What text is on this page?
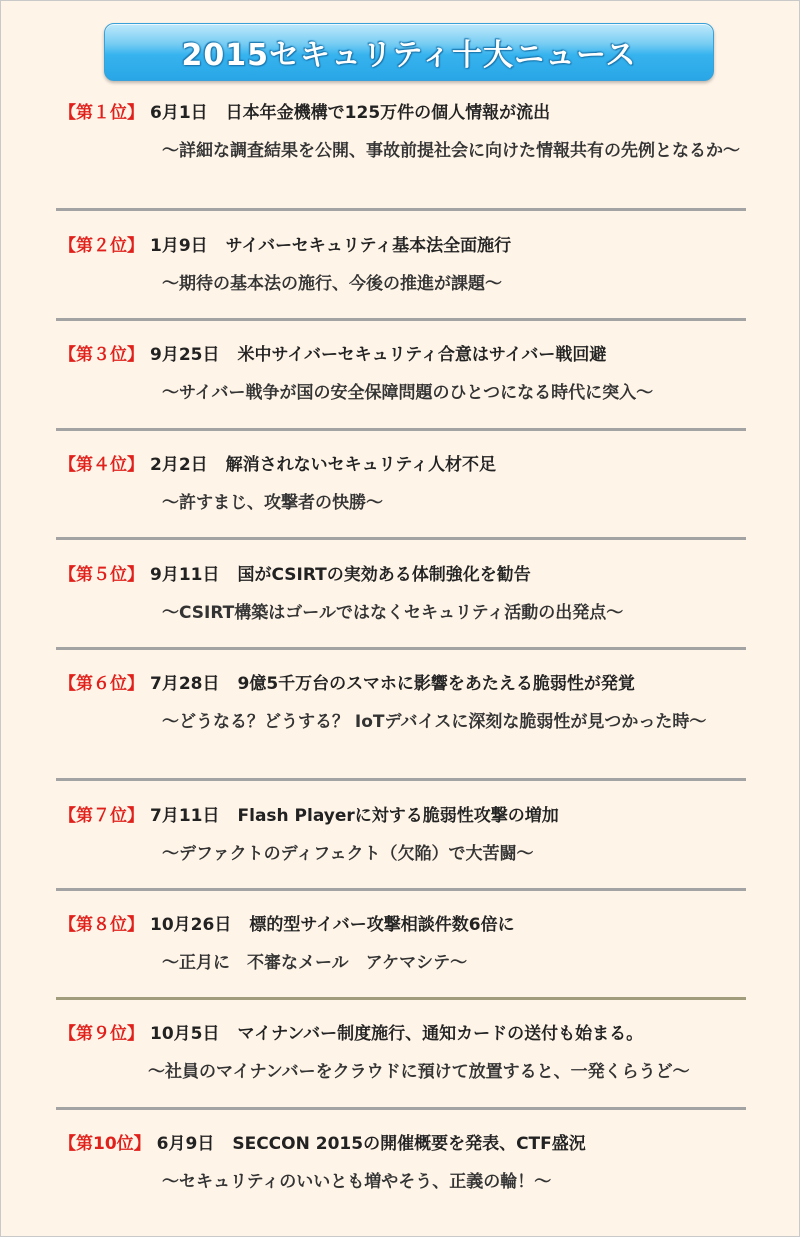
2015セキュリティ十大ニュース
【第１位】 6月1日 日本年金機構で125万件の個人情報が流出
～詳細な調査結果を公開、事故前提社会に向けた情報共有の先例となるか～
【第２位】 1月9日 サイバーセキュリティ基本法全面施行
～期待の基本法の施行、今後の推進が課題～
【第３位】 9月25日 米中サイバーセキュリティ合意はサイバー戦回避
～サイバー戦争が国の安全保障問題のひとつになる時代に突入～
【第４位】 2月2日 解消されないセキュリティ人材不足
～許すまじ、攻撃者の快勝～
【第５位】 9月11日 国がCSIRTの実効ある体制強化を勧告
～CSIRT構築はゴールではなくセキュリティ活動の出発点～
【第６位】 7月28日 9億5千万台のスマホに影響をあたえる脆弱性が発覚
～どうなる？どうする？ IoTデバイスに深刻な脆弱性が見つかった時～
【第７位】 7月11日 Flash Playerに対する脆弱性攻撃の増加
～デファクトのディフェクト（欠陥）で大苦闘～
【第８位】 10月26日 標的型サイバー攻撃相談件数6倍に
～正月に　不審なメール　アケマシテ～
【第９位】 10月5日 マイナンバー制度施行、通知カードの送付も始まる。
～社員のマイナンバーをクラウドに預けて放置すると、一発くらうど～
【第10位】 6月9日 SECCON 2015の開催概要を発表、CTF盛況
～セキュリティのいいとも増やそう、正義の輪！～
